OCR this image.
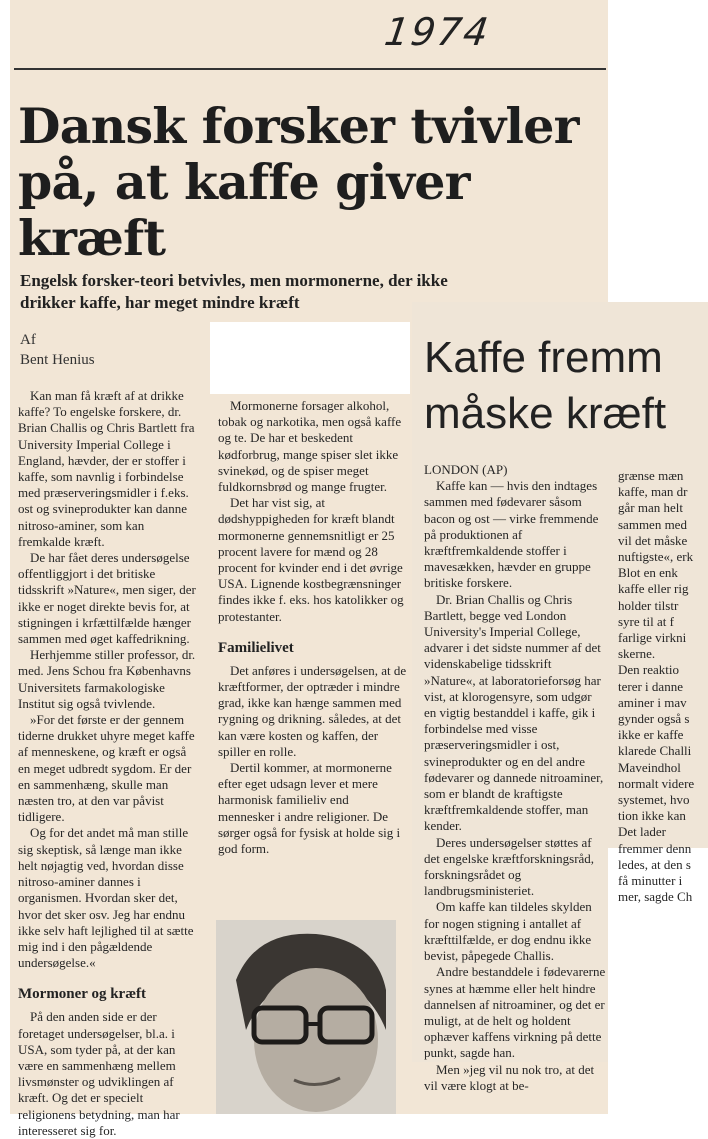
1974
Dansk forsker tvivler på, at kaffe giver kræft
Engelsk forsker-teori betvivles, men mormonerne, der ikke drikker kaffe, har meget mindre kræft
Af
Bent Henius

Kan man få kræft af at drikke kaffe? To engelske forskere, dr. Brian Challis og Chris Bartlett fra University Imperial College i England, hævder, der er stoffer i kaffe, som navnlig i forbindelse med præserveringsmidler i f.eks. ost og svineprodukter kan danne nitroso-aminer, som kan fremkalde kræft.

De har fået deres undersøgelse offentliggjort i det britiske tidsskrift »Nature«, men siger, der ikke er noget direkte bevis for, at stigningen i krfættilfælde hænger sammen med øget kaffedrikning.

Herhjemme stiller professor, dr. med. Jens Schou fra Københavns Universitets farmakologiske Institut sig også tvivlende.

»For det første er der gennem tiderne drukket uhyre meget kaffe af menneskene, og kræft er også en meget udbredt sygdom. Er der en sammenhæng, skulle man næsten tro, at den var påvist tidligere.

Og for det andet må man stille sig skeptisk, så længe man ikke helt nøjagtig ved, hvordan disse nitroso-aminer dannes i organismen. Hvordan sker det, hvor det sker osv. Jeg har endnu ikke selv haft lejlighed til at sætte mig ind i den pågældende undersøgelse.«

Mormoner og kræft

På den anden side er der foretaget undersøgelser, bl.a. i USA, som tyder på, at der kan være en sammenhæng mellem livsmønster og udviklingen af kræft. Og det er specielt religionens betydning, man har interesseret sig for.

Mormonerne forsager alkohol, tobak og narkotika, men også kaffe og te. De har et beskedent kødforbrug, mange spiser slet ikke svinekød, og de spiser meget fuldkornsbrød og mange frugter.

Det har vist sig, at dødshyppigheden for kræft blandt mormonerne gennemsnitligt er 25 procent lavere for mænd og 28 procent for kvinder end i det øvrige USA. Lignende kostbegrænsninger findes ikke f. eks. hos katolikker og protestanter.

Familielivet

Det anføres i undersøgelsen, at de kræftformer, der optræder i mindre grad, ikke kan hænge sammen med rygning og drikning. således, at det kan være kosten og kaffen, der spiller en rolle.

Dertil kommer, at mormonerne efter eget udsagn lever et mere harmonisk familieliv end mennesker i andre religioner. De sørger også for fysisk at holde sig i god form.

Kaffe fremm
måske kræft

LONDON (AP)

Kaffe kan — hvis den indtages sammen med fødevarer såsom bacon og ost — virke fremmende på produktionen af kræftfremkaldende stoffer i mavesækken, hævder en gruppe britiske forskere.

Dr. Brian Challis og Chris Bartlett, begge ved London University's Imperial College, advarer i det sidste nummer af det videnskabelige tidsskrift »Nature«, at laboratorieforsøg har vist, at klorogensyre, som udgør en vigtig bestanddel i kaffe, gik i forbindelse med visse præserveringsmidler i ost, svineprodukter og en del andre fødevarer og dannede nitroaminer, som er blandt de kraftigste kræftfremkaldende stoffer, man kender.

Deres undersøgelser støttes af det engelske kræftforskningsråd, forskningsrådet og landbrugsministeriet.

Om kaffe kan tildeles skylden for nogen stigning i antallet af kræfttilfælde, er dog endnu ikke bevist, påpegede Challis.

Andre bestanddele i fødevarerne synes at hæmme eller helt hindre dannelsen af nitroaminer, og det er muligt, at de helt og holdent ophæver kaffens virkning på dette punkt, sagde han.

Men »jeg vil nu nok tro, at det vil være klogt at be-

grænse mæn
kaffe, man dr
går man helt
sammen med
vil det måske
nuftigste«, erk
Blot en enk
kaffe eller rig
holder tilstr
syre til at f
farlige virkni
skerne.
Den reaktio
terer i danne
aminer i mav
gynder også s
ikke er kaffe
klarede Challi
Maveindhol
normalt videre
systemet, hvo
tion ikke kan
Det lader
fremmer denn
ledes, at den s
få minutter i
mer, sagde Ch
